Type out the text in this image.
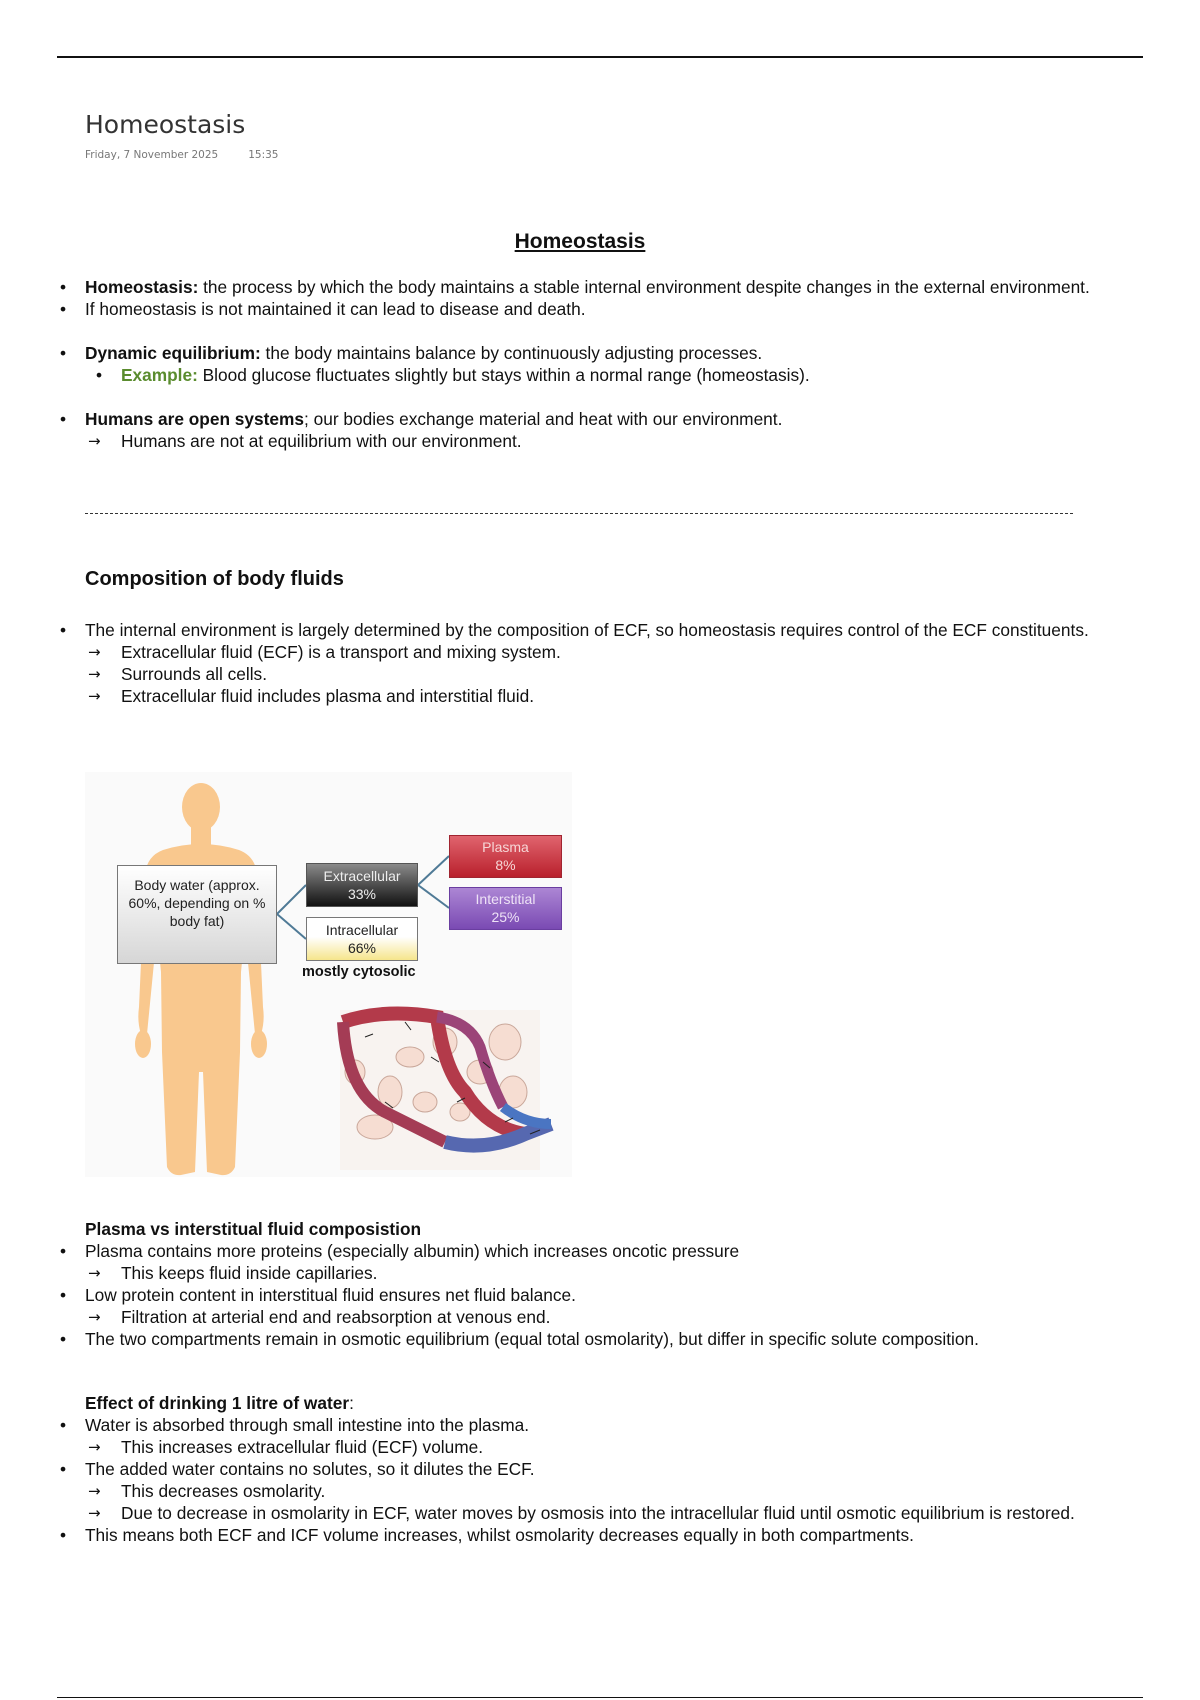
Homeostasis
Friday, 7 November 2025	15:35
Homeostasis
• Homeostasis: the process by which the body maintains a stable internal environment despite changes in the external environment.
• If homeostasis is not maintained it can lead to disease and death.
• Dynamic equilibrium: the body maintains balance by continuously adjusting processes.
• Example: Blood glucose fluctuates slightly but stays within a normal range (homeostasis).
• Humans are open systems; our bodies exchange material and heat with our environment.
→ Humans are not at equilibrium with our environment.
Composition of body fluids
• The internal environment is largely determined by the composition of ECF, so homeostasis requires control of the ECF constituents.
→ Extracellular fluid (ECF) is a transport and mixing system.
→ Surrounds all cells.
→ Extracellular fluid includes plasma and interstitial fluid.
Body water (approx. 60%, depending on % body fat)
Extracellular
33%
Intracellular
66%
Plasma
8%
Interstitial
25%
mostly cytosolic
Plasma vs interstitual fluid composistion
• Plasma contains more proteins (especially albumin) which increases oncotic pressure
→ This keeps fluid inside capillaries.
• Low protein content in interstitual fluid ensures net fluid balance.
→ Filtration at arterial end and reabsorption at venous end.
• The two compartments remain in osmotic equilibrium (equal total osmolarity), but differ in specific solute composition.
Effect of drinking 1 litre of water:
• Water is absorbed through small intestine into the plasma.
→ This increases extracellular fluid (ECF) volume.
• The added water contains no solutes, so it dilutes the ECF.
→ This decreases osmolarity.
→ Due to decrease in osmolarity in ECF, water moves by osmosis into the intracellular fluid until osmotic equilibrium is restored.
• This means both ECF and ICF volume increases, whilst osmolarity decreases equally in both compartments.
